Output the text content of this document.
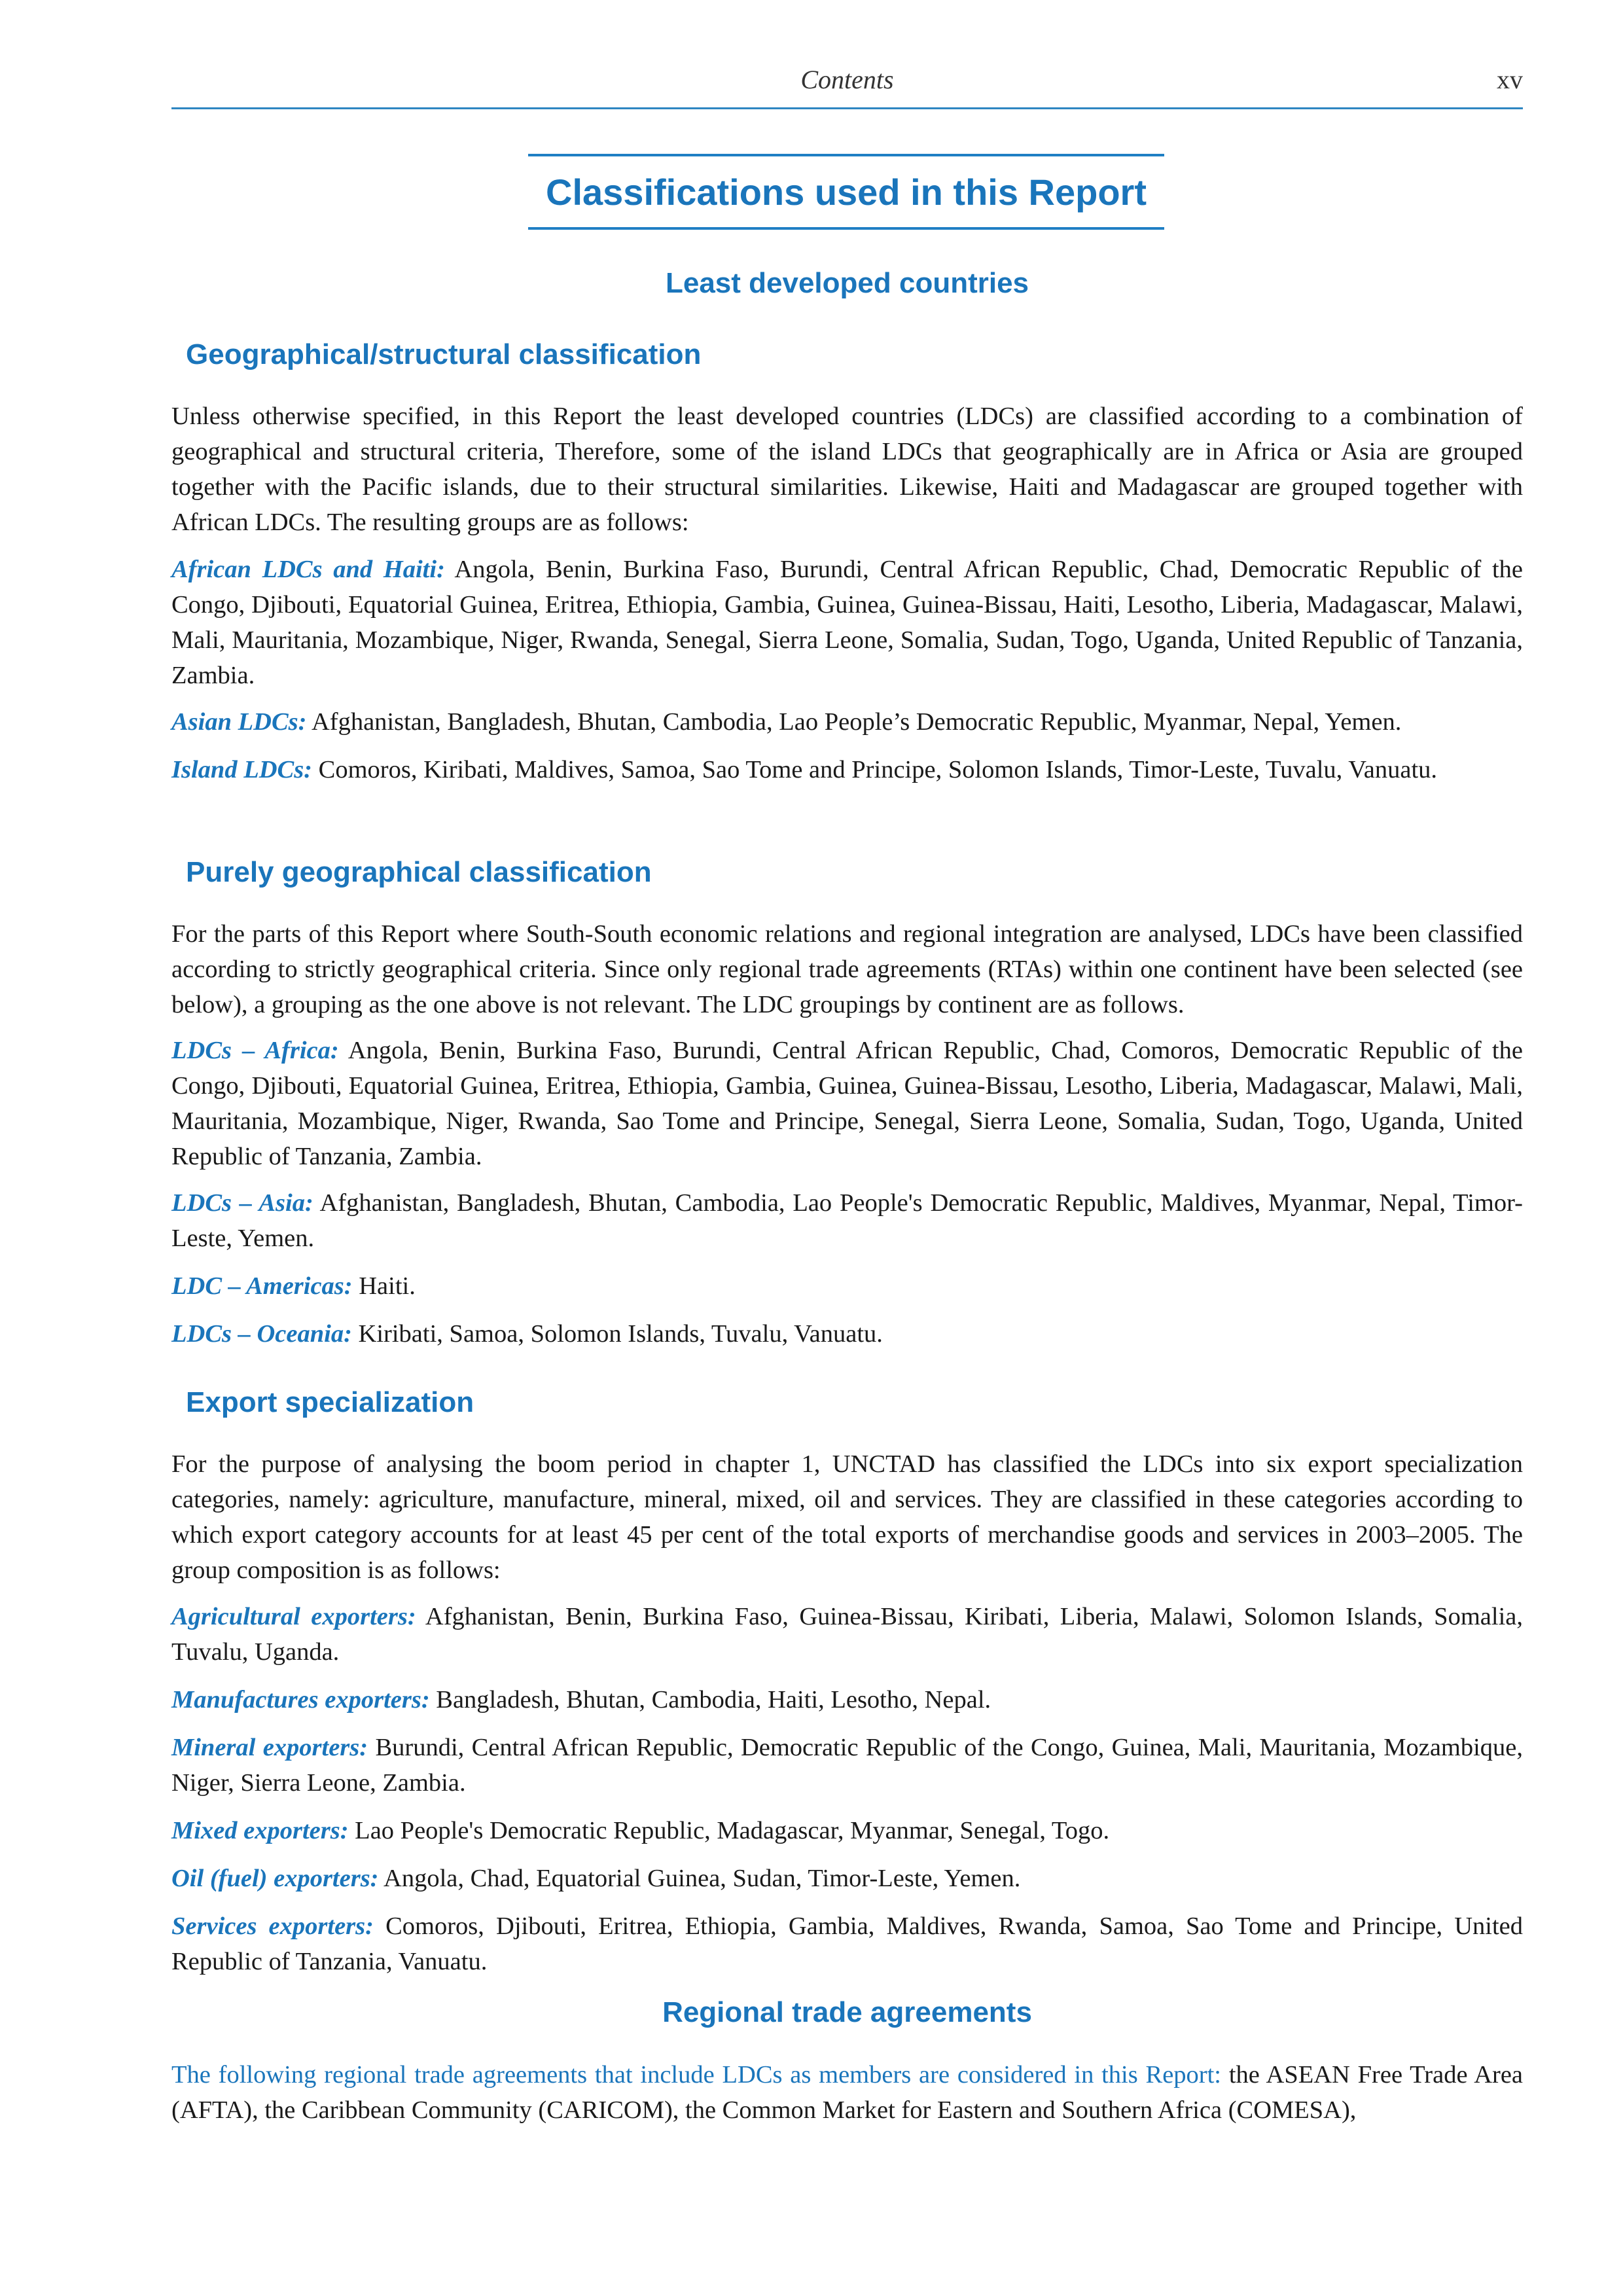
Contents	xv
Classifications used in this Report
Least developed countries
Geographical/structural classification

Unless otherwise specified, in this Report the least developed countries (LDCs) are classified according to a combination of geographical and structural criteria, Therefore, some of the island LDCs that geographically are in Africa or Asia are grouped together with the Pacific islands, due to their structural similarities. Likewise, Haiti and Madagascar are grouped together with African LDCs. The resulting groups are as follows:

African LDCs and Haiti: Angola, Benin, Burkina Faso, Burundi, Central African Republic, Chad, Democratic Republic of the Congo, Djibouti, Equatorial Guinea, Eritrea, Ethiopia, Gambia, Guinea, Guinea-Bissau, Haiti, Lesotho, Liberia, Madagascar, Malawi, Mali, Mauritania, Mozambique, Niger, Rwanda, Senegal, Sierra Leone, Somalia, Sudan, Togo, Uganda, United Republic of Tanzania, Zambia.

Asian LDCs: Afghanistan, Bangladesh, Bhutan, Cambodia, Lao People’s Democratic Republic, Myanmar, Nepal, Yemen.

Island LDCs: Comoros, Kiribati, Maldives, Samoa, Sao Tome and Principe, Solomon Islands, Timor-Leste, Tuvalu, Vanuatu.

Purely geographical classification

For the parts of this Report where South-South economic relations and regional integration are analysed, LDCs have been classified according to strictly geographical criteria. Since only regional trade agreements (RTAs) within one continent have been selected (see below), a grouping as the one above is not relevant. The LDC groupings by continent are as follows.

LDCs – Africa: Angola, Benin, Burkina Faso, Burundi, Central African Republic, Chad, Comoros, Democratic Republic of the Congo, Djibouti, Equatorial Guinea, Eritrea, Ethiopia, Gambia, Guinea, Guinea-Bissau, Lesotho, Liberia, Madagascar, Malawi, Mali, Mauritania, Mozambique, Niger, Rwanda, Sao Tome and Principe, Senegal, Sierra Leone, Somalia, Sudan, Togo, Uganda, United Republic of Tanzania, Zambia.

LDCs – Asia: Afghanistan, Bangladesh, Bhutan, Cambodia, Lao People's Democratic Republic, Maldives, Myanmar, Nepal, Timor-Leste, Yemen.

LDC – Americas: Haiti.

LDCs – Oceania: Kiribati, Samoa, Solomon Islands, Tuvalu, Vanuatu.

Export specialization

For the purpose of analysing the boom period in chapter 1, UNCTAD has classified the LDCs into six export specialization categories, namely: agriculture, manufacture, mineral, mixed, oil and services. They are classified in these categories according to which export category accounts for at least 45 per cent of the total exports of merchandise goods and services in 2003–2005. The group composition is as follows:

Agricultural exporters: Afghanistan, Benin, Burkina Faso, Guinea-Bissau, Kiribati, Liberia, Malawi, Solomon Islands, Somalia, Tuvalu, Uganda.

Manufactures exporters: Bangladesh, Bhutan, Cambodia, Haiti, Lesotho, Nepal.

Mineral exporters: Burundi, Central African Republic, Democratic Republic of the Congo, Guinea, Mali, Mauritania, Mozambique, Niger, Sierra Leone, Zambia.

Mixed exporters: Lao People's Democratic Republic, Madagascar, Myanmar, Senegal, Togo.

Oil (fuel) exporters: Angola, Chad, Equatorial Guinea, Sudan, Timor-Leste, Yemen.

Services exporters: Comoros, Djibouti, Eritrea, Ethiopia, Gambia, Maldives, Rwanda, Samoa, Sao Tome and Principe, United Republic of Tanzania, Vanuatu.

Regional trade agreements

The following regional trade agreements that include LDCs as members are considered in this Report: the ASEAN Free Trade Area (AFTA), the Caribbean Community (CARICOM), the Common Market for Eastern and Southern Africa (COMESA),
